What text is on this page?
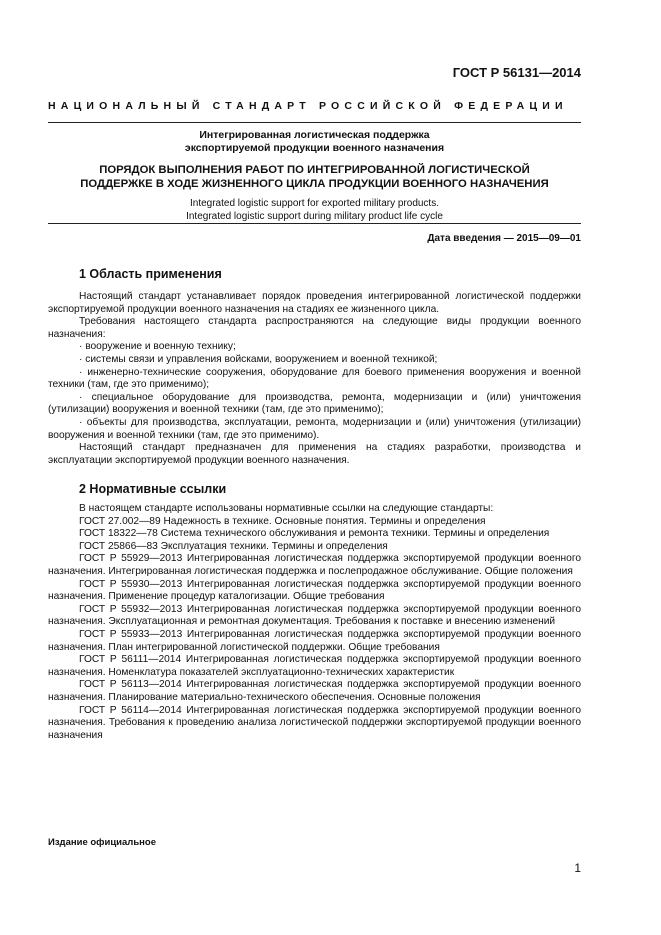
ГОСТ Р 56131—2014
НАЦИОНАЛЬНЫЙ СТАНДАРТ РОССИЙСКОЙ ФЕДЕРАЦИИ
Интегрированная логистическая поддержка
экспортируемой продукции военного назначения
ПОРЯДОК ВЫПОЛНЕНИЯ РАБОТ ПО ИНТЕГРИРОВАННОЙ ЛОГИСТИЧЕСКОЙ
ПОДДЕРЖКЕ В ХОДЕ ЖИЗНЕННОГО ЦИКЛА ПРОДУКЦИИ ВОЕННОГО НАЗНАЧЕНИЯ
Integrated logistic support for exported military products.
Integrated logistic support during military product life cycle
Дата введения — 2015—09—01
1 Область применения

Настоящий стандарт устанавливает порядок проведения интегрированной логистической поддержки экспортируемой продукции военного назначения на стадиях ее жизненного цикла.

Требования настоящего стандарта распространяются на следующие виды продукции военного назначения:

· вооружение и военную технику;

· системы связи и управления войсками, вооружением и военной техникой;

· инженерно-технические сооружения, оборудование для боевого применения вооружения и военной техники (там, где это применимо);

· специальное оборудование для производства, ремонта, модернизации и (или) уничтожения (утилизации) вооружения и военной техники (там, где это применимо);

· объекты для производства, эксплуатации, ремонта, модернизации и (или) уничтожения (утилизации) вооружения и военной техники (там, где это применимо).

Настоящий стандарт предназначен для применения на стадиях разработки, производства и эксплуатации экспортируемой продукции военного назначения.

2 Нормативные ссылки

В настоящем стандарте использованы нормативные ссылки на следующие стандарты:

ГОСТ 27.002—89 Надежность в технике. Основные понятия. Термины и определения

ГОСТ 18322—78 Система технического обслуживания и ремонта техники. Термины и определения

ГОСТ 25866—83 Эксплуатация техники. Термины и определения

ГОСТ Р 55929—2013 Интегрированная логистическая поддержка экспортируемой продукции военного назначения. Интегрированная логистическая поддержка и послепродажное обслуживание. Общие положения

ГОСТ Р 55930—2013 Интегрированная логистическая поддержка экспортируемой продукции военного назначения. Применение процедур каталогизации. Общие требования

ГОСТ Р 55932—2013 Интегрированная логистическая поддержка экспортируемой продукции военного назначения. Эксплуатационная и ремонтная документация. Требования к поставке и внесению изменений

ГОСТ Р 55933—2013 Интегрированная логистическая поддержка экспортируемой продукции военного назначения. План интегрированной логистической поддержки. Общие требования

ГОСТ Р 56111—2014 Интегрированная логистическая поддержка экспортируемой продукции военного назначения. Номенклатура показателей эксплуатационно-технических характеристик

ГОСТ Р 56113—2014 Интегрированная логистическая поддержка экспортируемой продукции военного назначения. Планирование материально-технического обеспечения. Основные положения

ГОСТ Р 56114—2014 Интегрированная логистическая поддержка экспортируемой продукции военного назначения. Требования к проведению анализа логистической поддержки экспортируемой продукции военного назначения

Издание официальное
1
